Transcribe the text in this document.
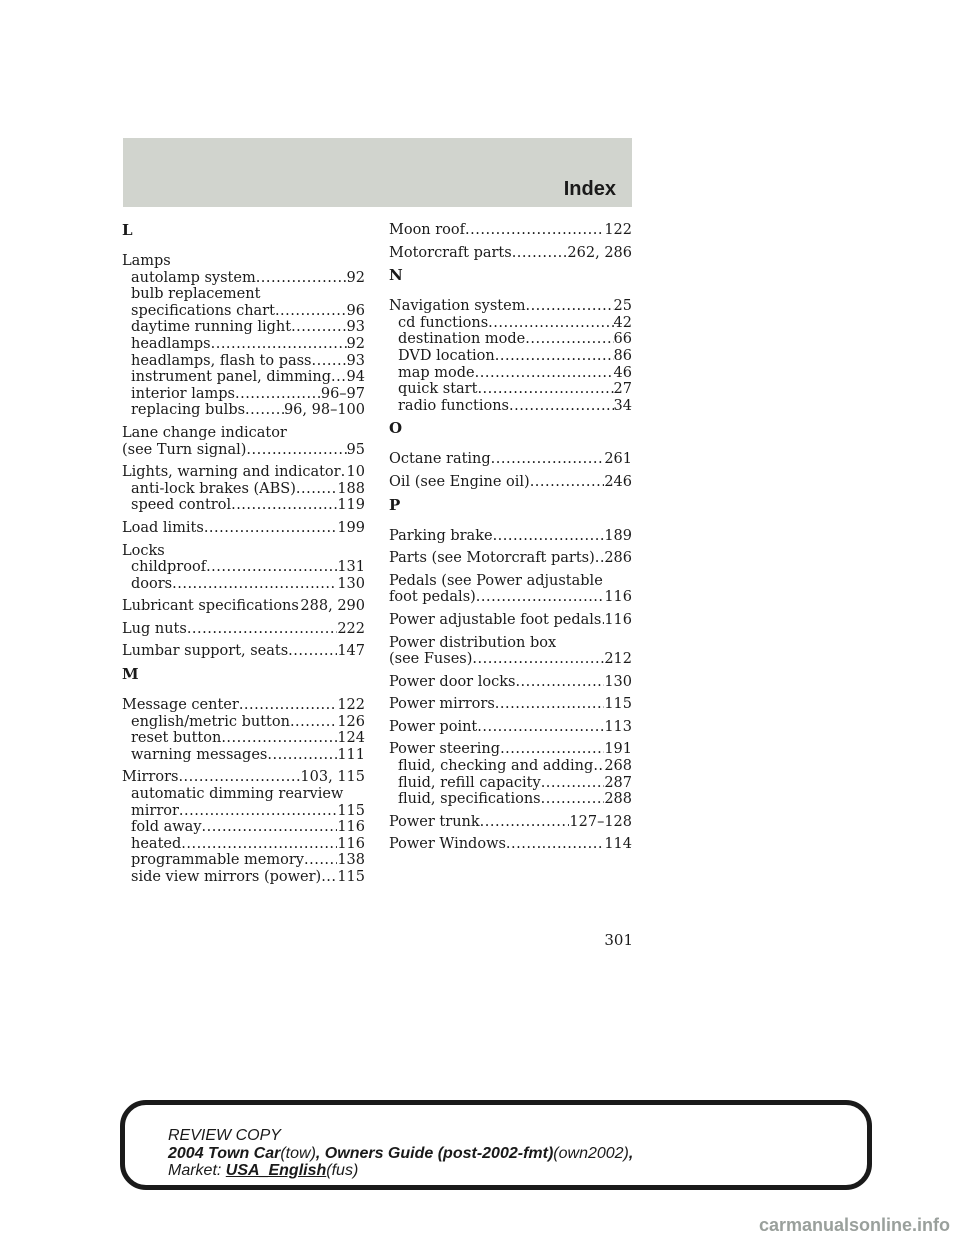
Index
L
Lamps
autolamp system .....	92
bulb replacement
specifications chart .....	96
daytime running light .....	93
headlamps .....	92
headlamps, flash to pass ..... 93
instrument panel, dimming ..... 94
interior lamps .....	96–97
replacing bulbs .....	96, 98–100
Lane change indicator
(see Turn signal) .....	95
Lights, warning and indicator ..... 10
anti-lock brakes (ABS) .....	188
speed control .....	119
Load limits .....	199
Locks
childproof .....	131
doors .....	130
Lubricant specifications ..... 288, 290
Lug nuts .....	222
Lumbar support, seats .....	147
M
Message center .....	122
english/metric button .....	126
reset button .....	124
warning messages .....	111
Mirrors .....	103, 115
automatic dimming rearview
mirror .....	115
fold away .....	116
heated .....	116
programmable memory ..... 138
side view mirrors (power) ..... 115
Moon roof .....	122
Motorcraft parts .....	262, 286
N
Navigation system .....	25
cd functions .....	42
destination mode .....	66
DVD location .....	86
map mode .....	46
quick start .....	27
radio functions .....	34
O
Octane rating .....	261
Oil (see Engine oil) .....	246
P
Parking brake .....	189
Parts (see Motorcraft parts) ..... 286
Pedals (see Power adjustable
foot pedals) .....	116
Power adjustable foot pedals ..... 116
Power distribution box
(see Fuses) .....	212
Power door locks .....	130
Power mirrors .....	115
Power point .....	113
Power steering .....	191
fluid, checking and adding ..... 268
fluid, refill capacity .....	287
fluid, specifications .....	288
Power trunk .....	127–128
Power Windows .....	114
301
REVIEW COPY
2004 Town Car(tow), Owners Guide (post-2002-fmt)(own2002),
Market: USA_English(fus)
carmanualsonline.info
